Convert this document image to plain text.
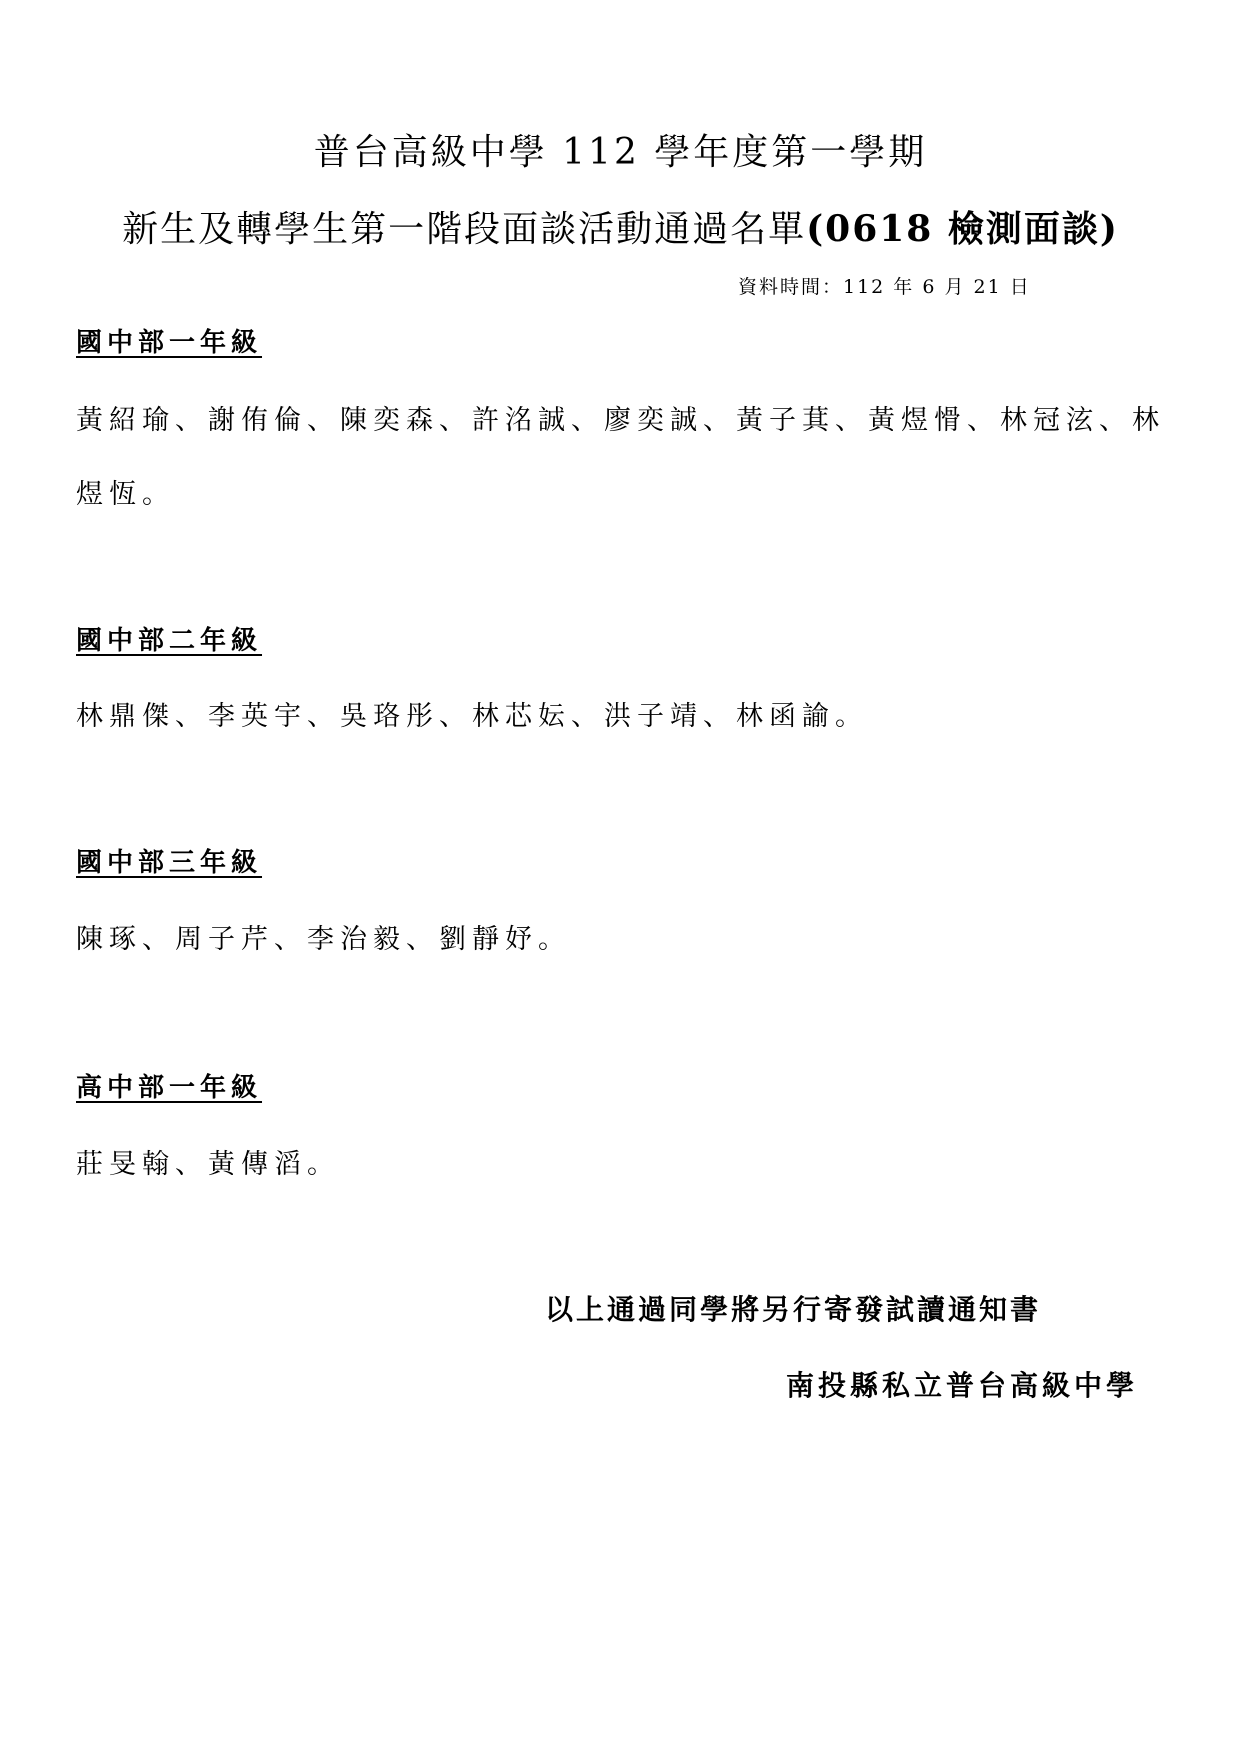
普台高級中學 112 學年度第一學期
新生及轉學生第一階段面談活動通過名單(0618 檢測面談)
資料時間：112 年 6 月 21 日
國中部一年級
黃紹瑜、謝侑倫、陳奕森、許洺誠、廖奕誠、黃子萁、黃煜愲、林冠泫、林煜恆。
國中部二年級
林鼎傑、李英宇、吳珞彤、林芯妘、洪子靖、林函諭。
國中部三年級
陳琢、周子芹、李治毅、劉靜妤。
高中部一年級
莊旻翰、黃傳滔。
以上通過同學將另行寄發試讀通知書
南投縣私立普台高級中學
